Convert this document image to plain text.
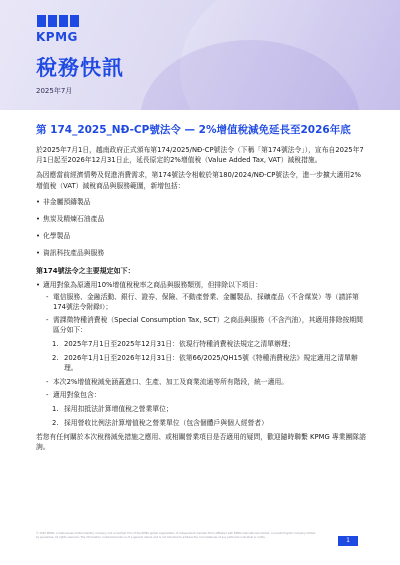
KPMG
稅務快訊
2025年7月

第 174_2025_NĐ-CP號法令 — 2%增值稅減免延長至2026年底

於2025年7月1日，越南政府正式頒布第174/2025/NĐ-CP號法令（下稱「第174號法令」），宣布自2025年7月1日起至2026年12月31日止，延長原定的2%增值稅（Value Added Tax, VAT）減稅措施。

為因應當前經濟情勢及促進消費需求，第174號法令相較於第180/2024/NĐ-CP號法令，進一步擴大適用2%增值稅（VAT）減稅商品與服務範圍，新增包括：

• 非金屬預鑄製品
• 焦炭及精煉石油產品
• 化學製品
• 資訊科技產品與服務

第174號法令之主要規定如下：

• 適用對象為原適用10%增值稅稅率之商品與服務類別，但排除以下項目：
- 電信服務、金融活動、銀行、證券、保險、不動產營業、金屬製品、採礦產品（不含煤炭）等（請詳第174號法令附錄I）；
- 需課徵特種消費稅（Special Consumption Tax, SCT）之商品與服務（不含汽油），其適用排除按期間區分如下：
1. 2025年7月1日至2025年12月31日：依現行特種消費稅法規定之清單辦理；
2. 2026年1月1日至2026年12月31日：依第66/2025/QH15號《特種消費稅法》規定適用之清單辦理。
- 本次2%增值稅減免涵蓋進口、生產、加工及商業流通等所有階段，統一適用。
- 適用對象包含：
1. 採用扣抵法計算增值稅之營業單位；
2. 採用營收比例法計算增值稅之營業單位（包含個體戶與個人經營者）

若您有任何關於本次稅務減免措施之應用、或相關營業項目是否適用的疑問，歡迎隨時聯繫 KPMG 專業團隊諮詢。

© 2025 KPMG, a Vietnamese limited liability company and a member firm of the KPMG global organization of independent member firms affiliated with KPMG International Limited, a private English company limited by guarantee. All rights reserved. The information contained herein is of a general nature and is not intended to address the circumstances of any particular individual or entity.	1
